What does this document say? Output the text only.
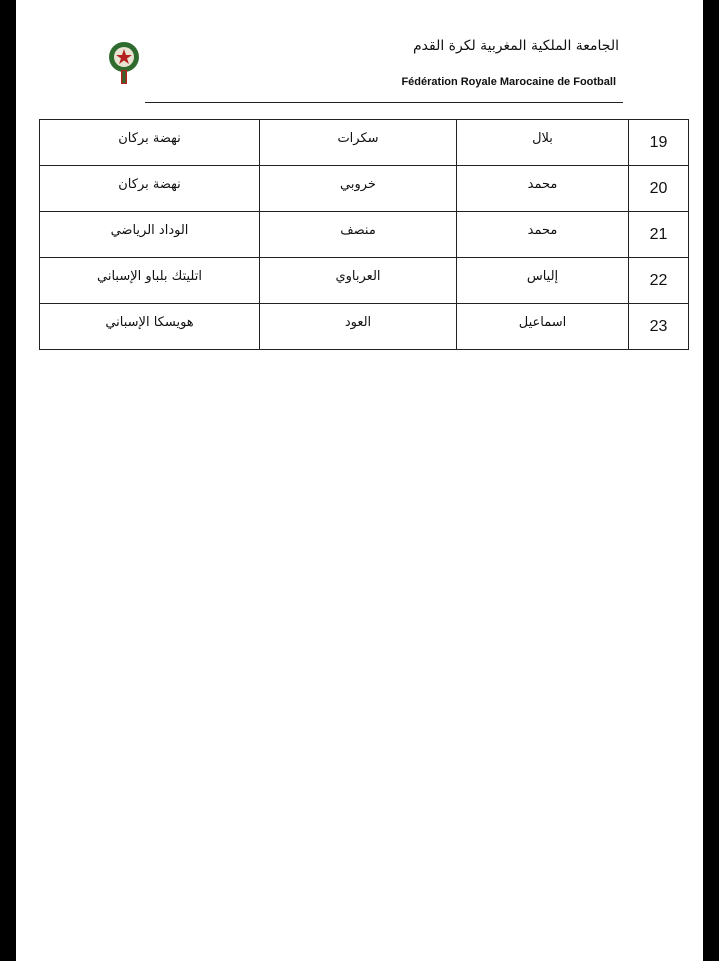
الجامعة الملكية المغربية لكرة القدم
Fédération Royale Marocaine de Football
نهضة بركان	سكرات	بلال	19
نهضة بركان	خروبي	محمد	20
الوداد الرياضي	منصف	محمد	21
اتليتك بلباو الإسباني	العرباوي	إلياس	22
هويسكا الإسباني	العود	اسماعيل	23
